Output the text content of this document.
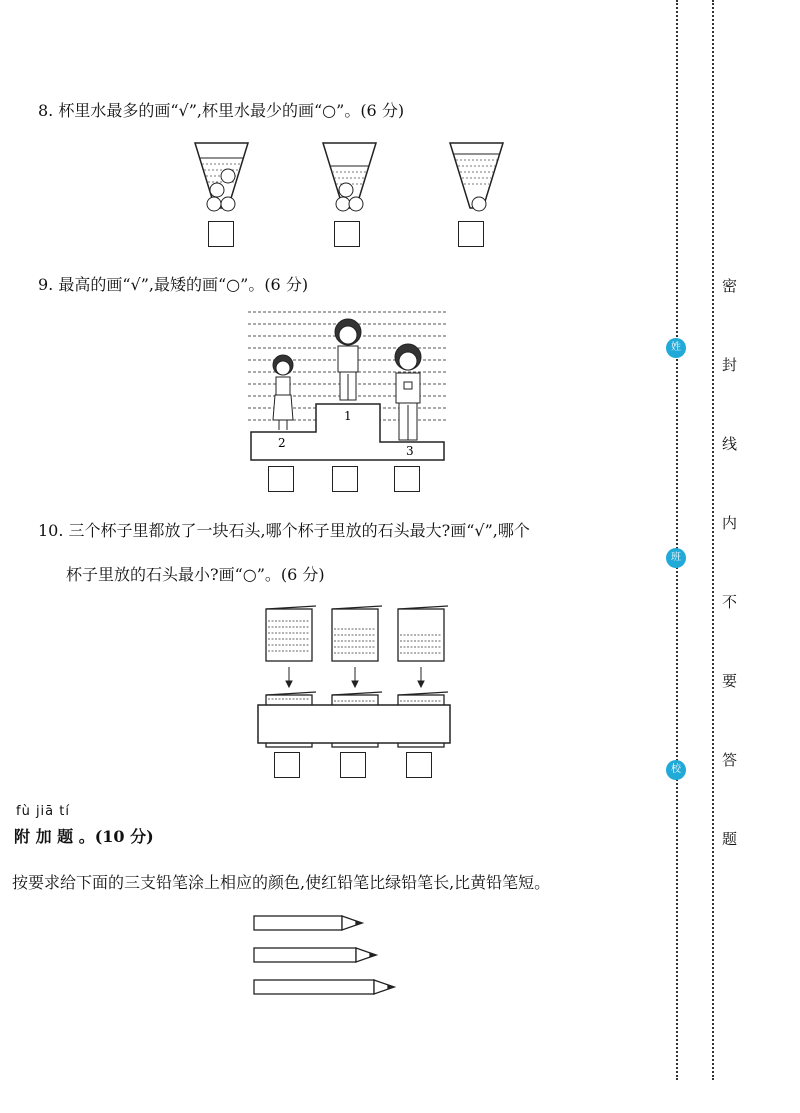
8. 杯里水最多的画“√”,杯里水最少的画“○”。(6 分)
9. 最高的画“√”,最矮的画“○”。(6 分)
2
1
3
10. 三个杯子里都放了一块石头,哪个杯子里放的石头最大?画“√”,哪个
杯子里放的石头最小?画“○”。(6 分)
fù jiā tí
附 加 题 。(10 分)
按要求给下面的三支铅笔涂上相应的颜色,使红铅笔比绿铅笔长,比黄铅笔短。
姓
班
校
密
封
线
内
不
要
答
题
